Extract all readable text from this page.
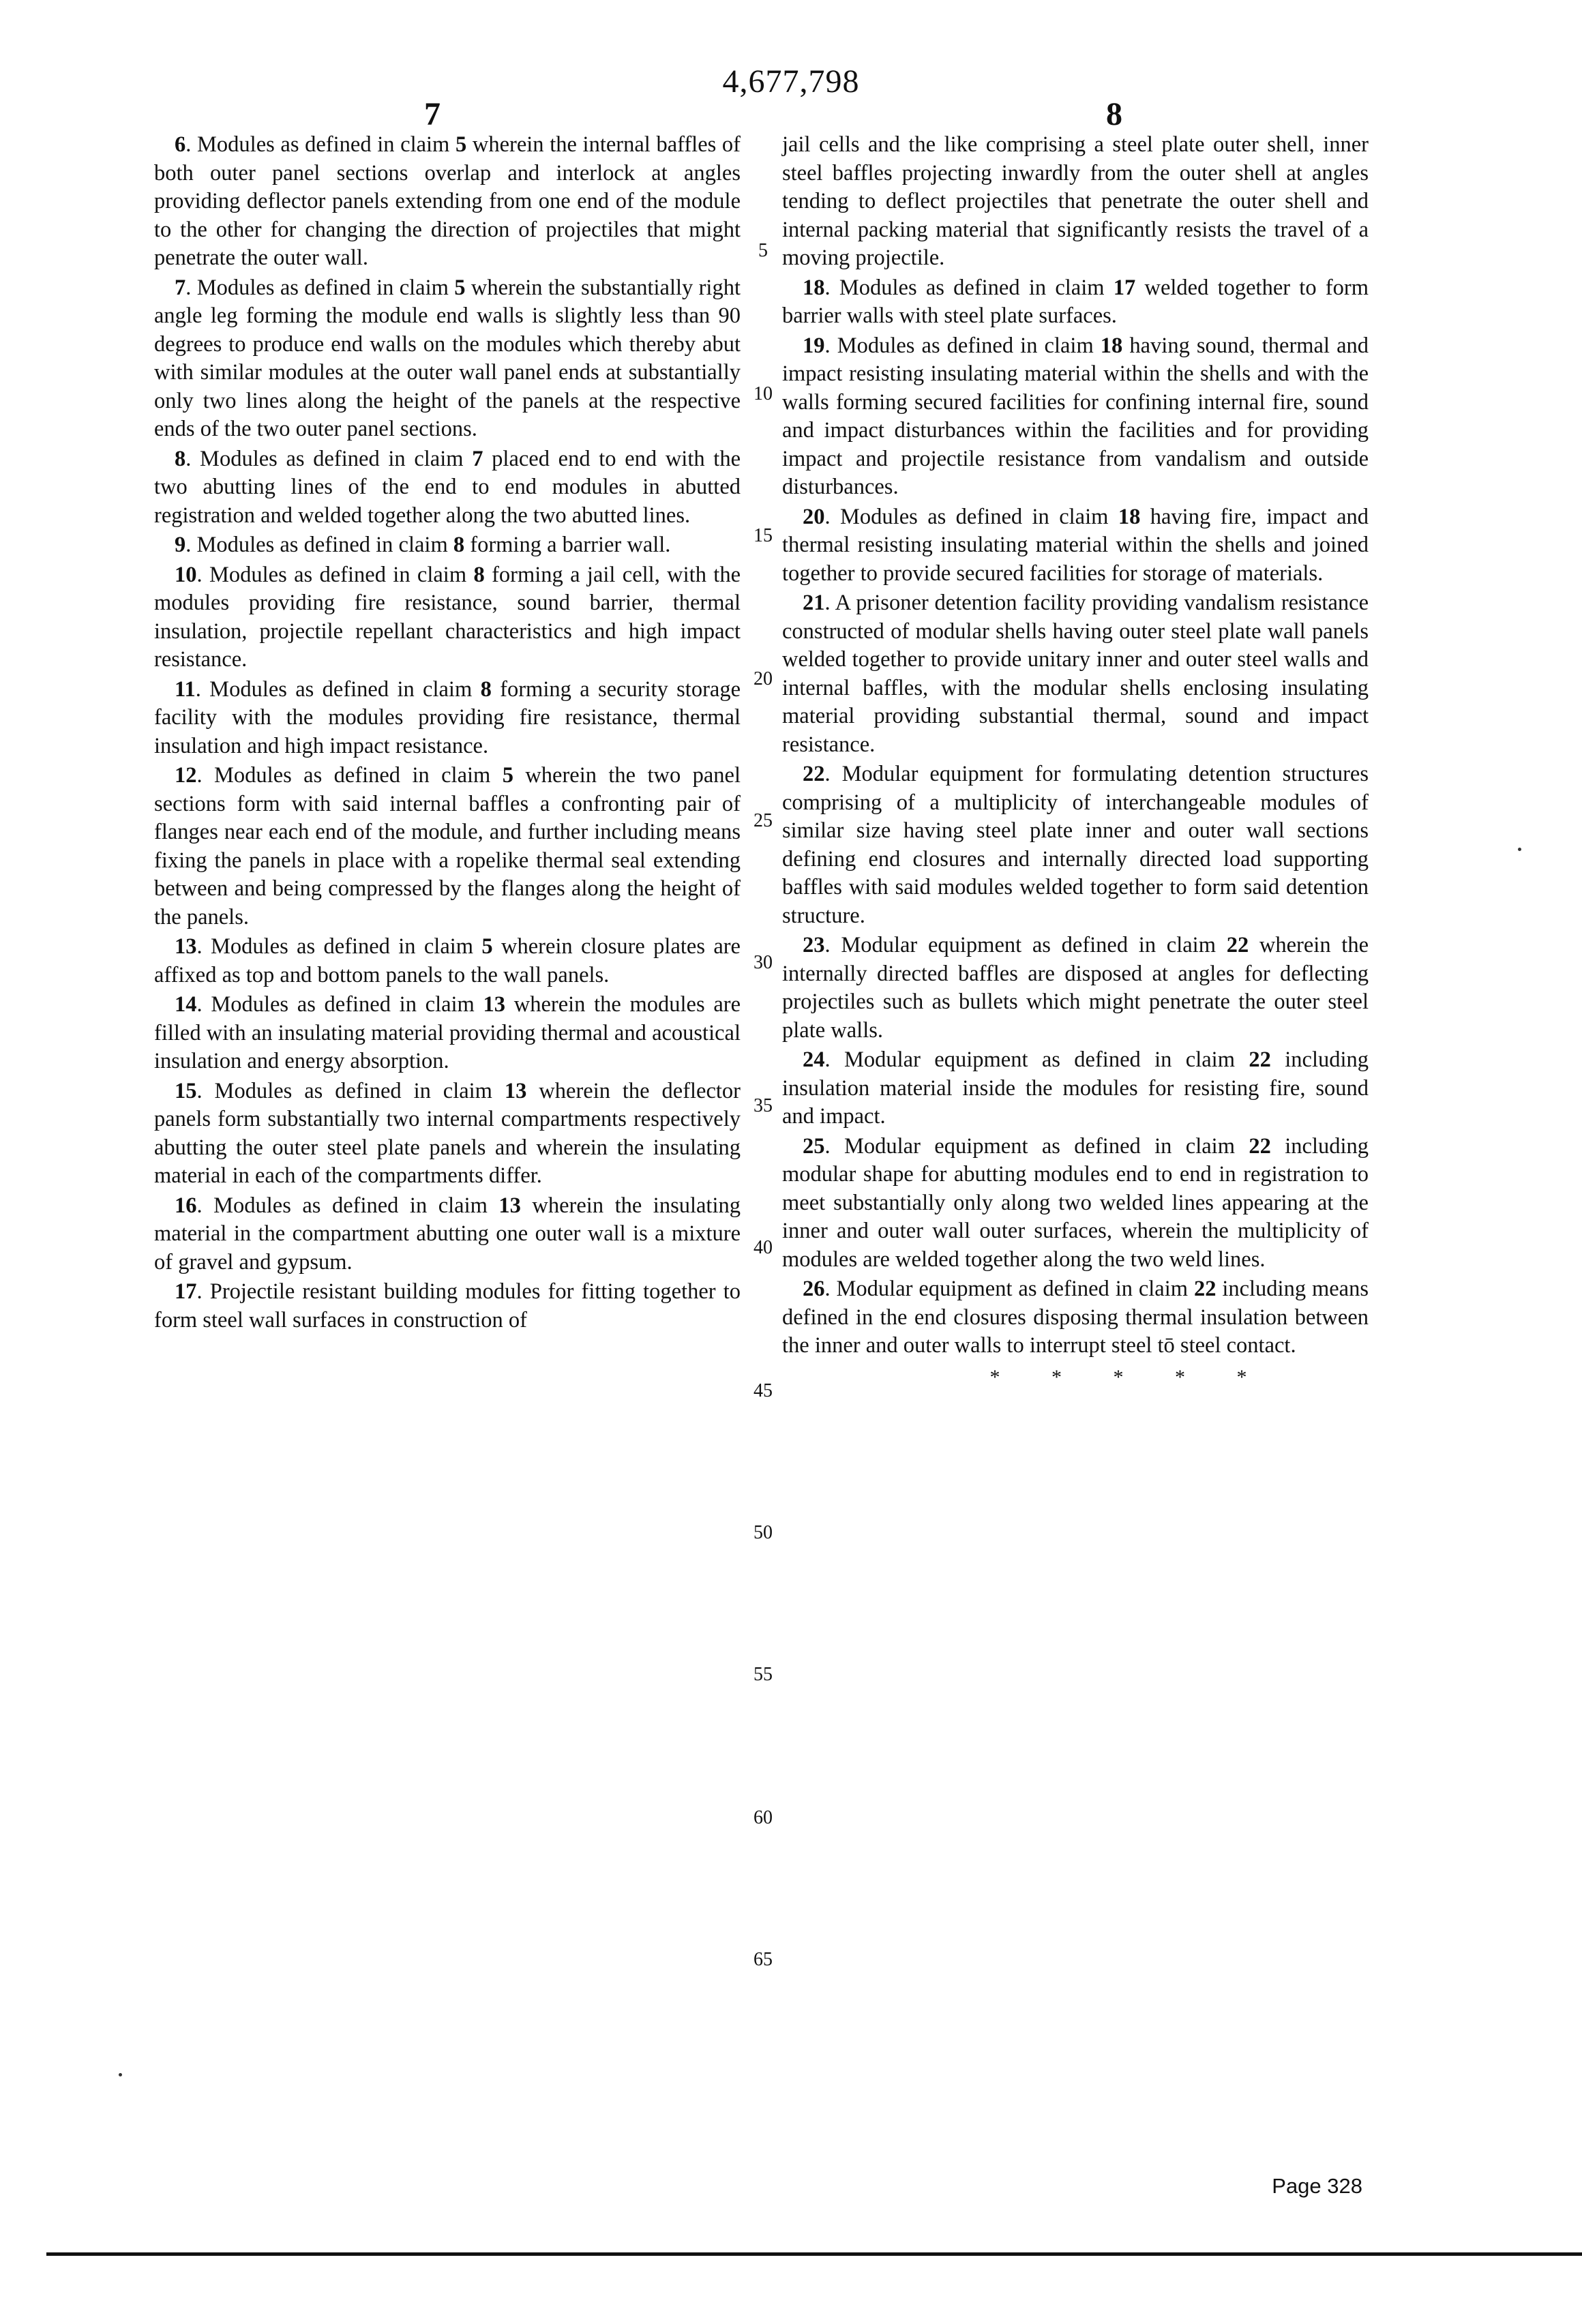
4,677,798
7	8

6. Modules as defined in claim 5 wherein the internal baffles of both outer panel sections overlap and interlock at angles providing deflector panels extending from one end of the module to the other for changing the direction of projectiles that might penetrate the outer wall.

7. Modules as defined in claim 5 wherein the substantially right angle leg forming the module end walls is slightly less than 90 degrees to produce end walls on the modules which thereby abut with similar modules at the outer wall panel ends at substantially only two lines along the height of the panels at the respective ends of the two outer panel sections.

8. Modules as defined in claim 7 placed end to end with the two abutting lines of the end to end modules in abutted registration and welded together along the two abutted lines.

9. Modules as defined in claim 8 forming a barrier wall.

10. Modules as defined in claim 8 forming a jail cell, with the modules providing fire resistance, sound barrier, thermal insulation, projectile repellant characteristics and high impact resistance.

11. Modules as defined in claim 8 forming a security storage facility with the modules providing fire resistance, thermal insulation and high impact resistance.

12. Modules as defined in claim 5 wherein the two panel sections form with said internal baffles a confronting pair of flanges near each end of the module, and further including means fixing the panels in place with a ropelike thermal seal extending between and being compressed by the flanges along the height of the panels.

13. Modules as defined in claim 5 wherein closure plates are affixed as top and bottom panels to the wall panels.

14. Modules as defined in claim 13 wherein the modules are filled with an insulating material providing thermal and acoustical insulation and energy absorption.

15. Modules as defined in claim 13 wherein the deflector panels form substantially two internal compartments respectively abutting the outer steel plate panels and wherein the insulating material in each of the compartments differ.

16. Modules as defined in claim 13 wherein the insulating material in the compartment abutting one outer wall is a mixture of gravel and gypsum.

17. Projectile resistant building modules for fitting together to form steel wall surfaces in construction of

jail cells and the like comprising a steel plate outer shell, inner steel baffles projecting inwardly from the outer shell at angles tending to deflect projectiles that penetrate the outer shell and internal packing material that significantly resists the travel of a moving projectile.

18. Modules as defined in claim 17 welded together to form barrier walls with steel plate surfaces.

19. Modules as defined in claim 18 having sound, thermal and impact resisting insulating material within the shells and with the walls forming secured facilities for confining internal fire, sound and impact disturbances within the facilities and for providing impact and projectile resistance from vandalism and outside disturbances.

20. Modules as defined in claim 18 having fire, impact and thermal resisting insulating material within the shells and joined together to provide secured facilities for storage of materials.

21. A prisoner detention facility providing vandalism resistance constructed of modular shells having outer steel plate wall panels welded together to provide unitary inner and outer steel walls and internal baffles, with the modular shells enclosing insulating material providing substantial thermal, sound and impact resistance.

22. Modular equipment for formulating detention structures comprising of a multiplicity of interchangeable modules of similar size having steel plate inner and outer wall sections defining end closures and internally directed load supporting baffles with said modules welded together to form said detention structure.

23. Modular equipment as defined in claim 22 wherein the internally directed baffles are disposed at angles for deflecting projectiles such as bullets which might penetrate the outer steel plate walls.

24. Modular equipment as defined in claim 22 including insulation material inside the modules for resisting fire, sound and impact.

25. Modular equipment as defined in claim 22 including modular shape for abutting modules end to end in registration to meet substantially only along two welded lines appearing at the inner and outer wall outer surfaces, wherein the multiplicity of modules are welded together along the two weld lines.

26. Modular equipment as defined in claim 22 including means defined in the end closures disposing thermal insulation between the inner and outer walls to interrupt steel tō steel contact.

* * * * *
5
10
15
20
25
30
35
40
45
50
55
60
65
Page 328
